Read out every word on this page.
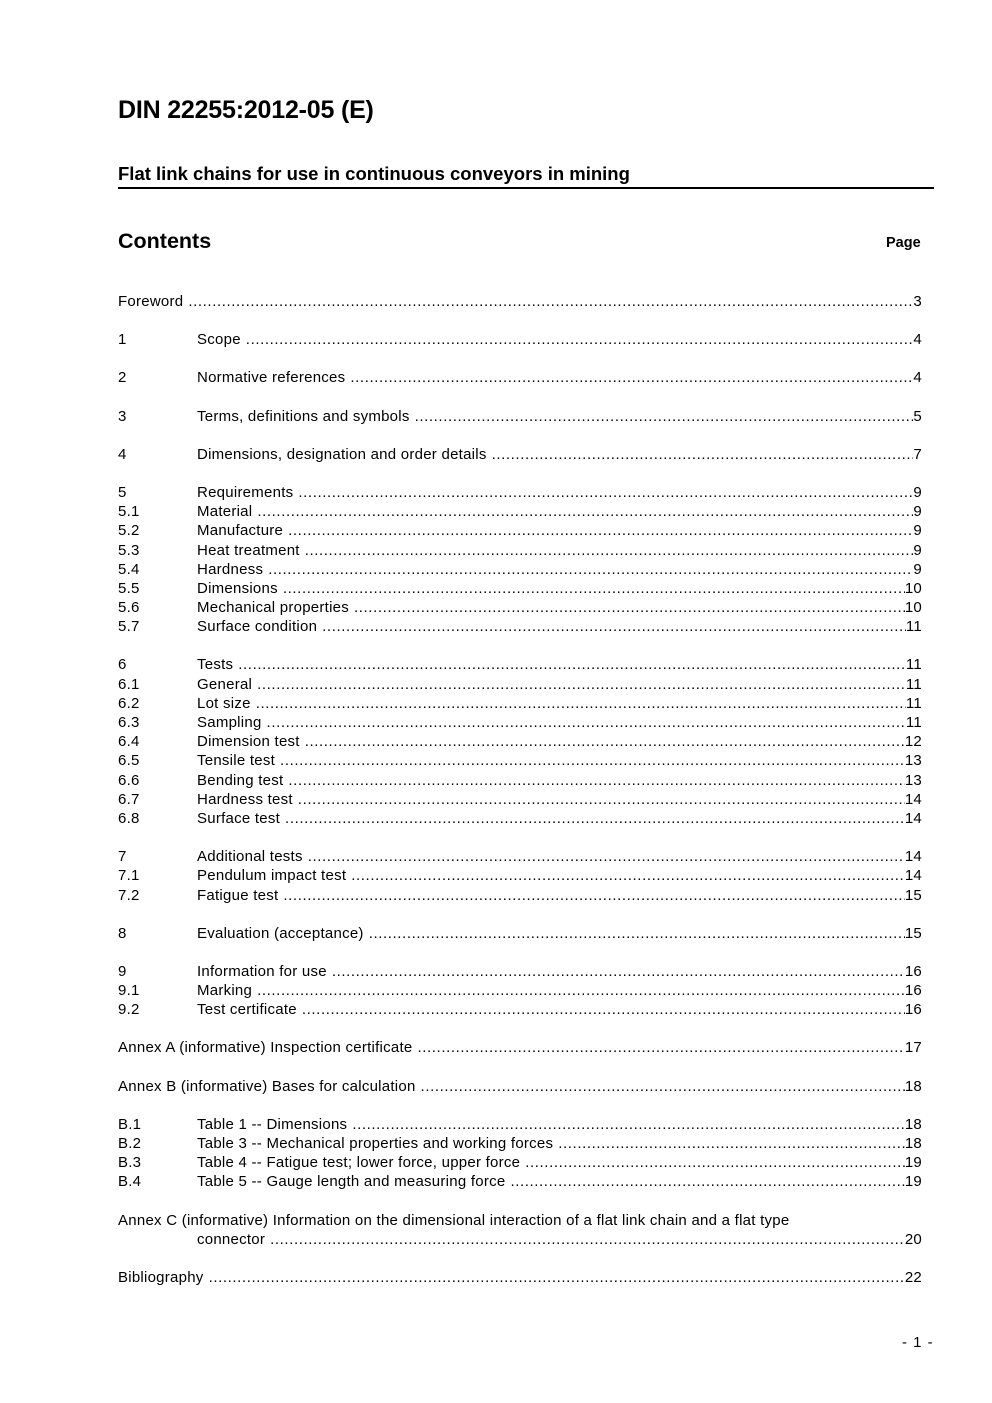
DIN 22255:2012-05 (E)
Flat link chains for use in continuous conveyors in mining
Contents	Page
Foreword .....	3
1	Scope .....	4
2	Normative references .....	4
3	Terms, definitions and symbols .....	5
4	Dimensions, designation and order details .....	7
5	Requirements .....	9
5.1	Material .....	9
5.2	Manufacture .....	9
5.3	Heat treatment .....	9
5.4	Hardness .....	9
5.5	Dimensions .....	10
5.6	Mechanical properties .....	10
5.7	Surface condition .....	11
6	Tests .....	11
6.1	General .....	11
6.2	Lot size .....	11
6.3	Sampling .....	11
6.4	Dimension test .....	12
6.5	Tensile test .....	13
6.6	Bending test .....	13
6.7	Hardness test .....	14
6.8	Surface test .....	14
7	Additional tests .....	14
7.1	Pendulum impact test .....	14
7.2	Fatigue test .....	15
8	Evaluation (acceptance) .....	15
9	Information for use .....	16
9.1	Marking .....	16
9.2	Test certificate .....	16
Annex A (informative) Inspection certificate .....	17
Annex B (informative) Bases for calculation .....	18
B.1	Table 1 -- Dimensions .....	18
B.2	Table 3 -- Mechanical properties and working forces .....	18
B.3	Table 4 -- Fatigue test; lower force, upper force .....	19
B.4	Table 5 -- Gauge length and measuring force .....	19
Annex C (informative) Information on the dimensional interaction of a flat link chain and a flat type
connector .....	20
Bibliography .....	22
- 1 -
